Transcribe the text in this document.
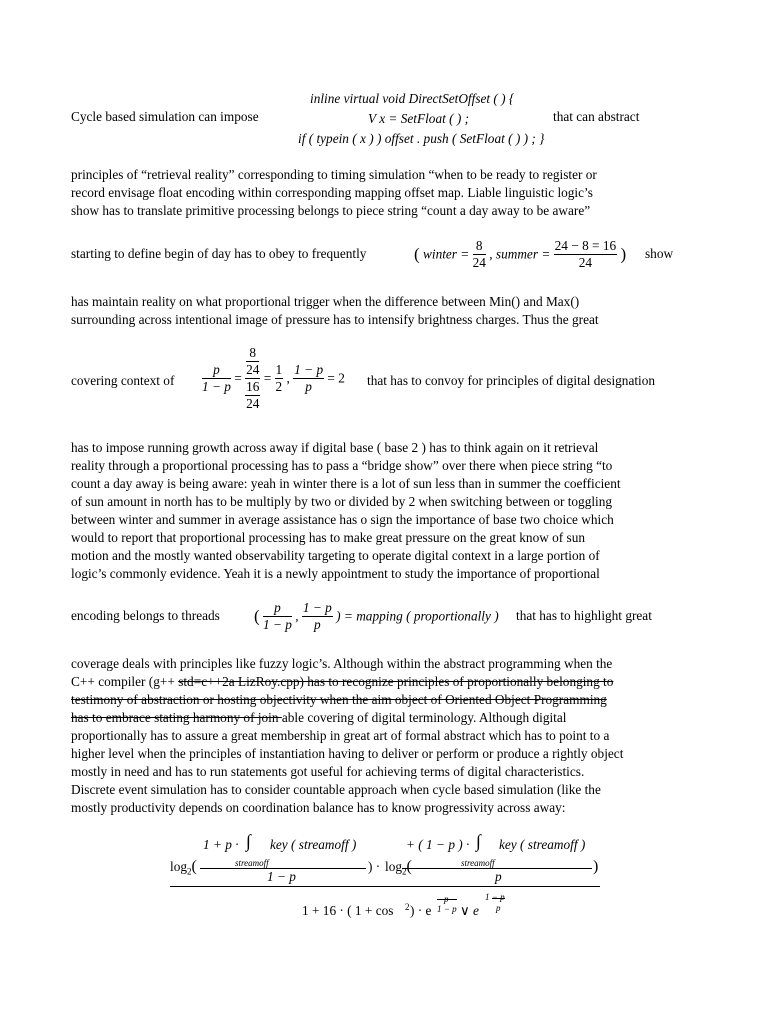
Cycle based simulation can impose
inline virtual void DirectSetOffset ( ) {
V x = SetFloat ( ) ;
if ( typein ( x ) ) offset . push ( SetFloat ( ) ) ; }
that can abstract
principles of “retrieval reality” corresponding to timing simulation “when to be ready to register or
record envisage float encoding within corresponding mapping offset map. Liable linguistic logic’s
show has to translate primitive processing belongs to piece string “count a day away to be aware”
starting to define begin of day has to obey to frequently	( winter = $\frac{8}{24}$ , summer = $\frac{24 - 8 = 16}{24}$ ) show
has maintain reality on what proportional trigger when the difference between Min() and Max()
surrounding across intentional image of pressure has to intensify brightness charges. Thus the great
covering context of $\frac{p}{1 - p} = \frac{\frac{8}{24}}{\frac{16}{24}} = \frac{1}{2}$ , $\frac{1 - p}{p} = 2$ that has to convoy for principles of digital designation
has to impose running growth across away if digital base ( base 2 ) has to think again on it retrieval
reality through a proportional processing has to pass a “bridge show” over there when piece string “to
count a day away is being aware: yeah in winter there is a lot of sun less than in summer the coefficient
of sun amount in north has to be multiply by two or divided by 2 when switching between or toggling
between winter and summer in average assistance has o sign the importance of base two choice which
would to report that proportional processing has to make great pressure on the great know of sun
motion and the mostly wanted observability targeting to operate digital context in a large portion of
logic’s commonly evidence. Yeah it is a newly appointment to study the importance of proportional
encoding belongs to threads ( $\frac{p}{1 - p}$ , $\frac{1 - p}{p}$ ) = mapping ( proportionally ) that has to highlight great
coverage deals with principles like fuzzy logic’s. Although within the abstract programming when the
C++ compiler (g++ std=c++2a LizRoy.cpp) has to recognize principles of proportionally belonging to
testimony of abstraction or hosting objectivity when the aim object of Oriented Object Programming
has to embrace stating harmony of join able covering of digital terminology. Although digital
proportionally has to assure a great membership in great art of formal abstract which has to point to a
higher level when the principles of instantiation having to deliver or perform or produce a rightly object
mostly in need and has to run statements got useful for achieving terms of digital characteristics.
Discrete event simulation has to consider countable approach when cycle based simulation (like the
mostly productivity depends on coordination balance has to know progressivity across away:
$\log_2$(
1 + p · ∫
streamoff
key ( streamoff )
1 − p
) · $\log_2$(
+ ( 1 − p ) · ∫
streamoff
key ( streamoff )
p
)
1 + 16 · ( 1 + cos 2 ) · e
p
1 − p ∨ e
1 − p
p
